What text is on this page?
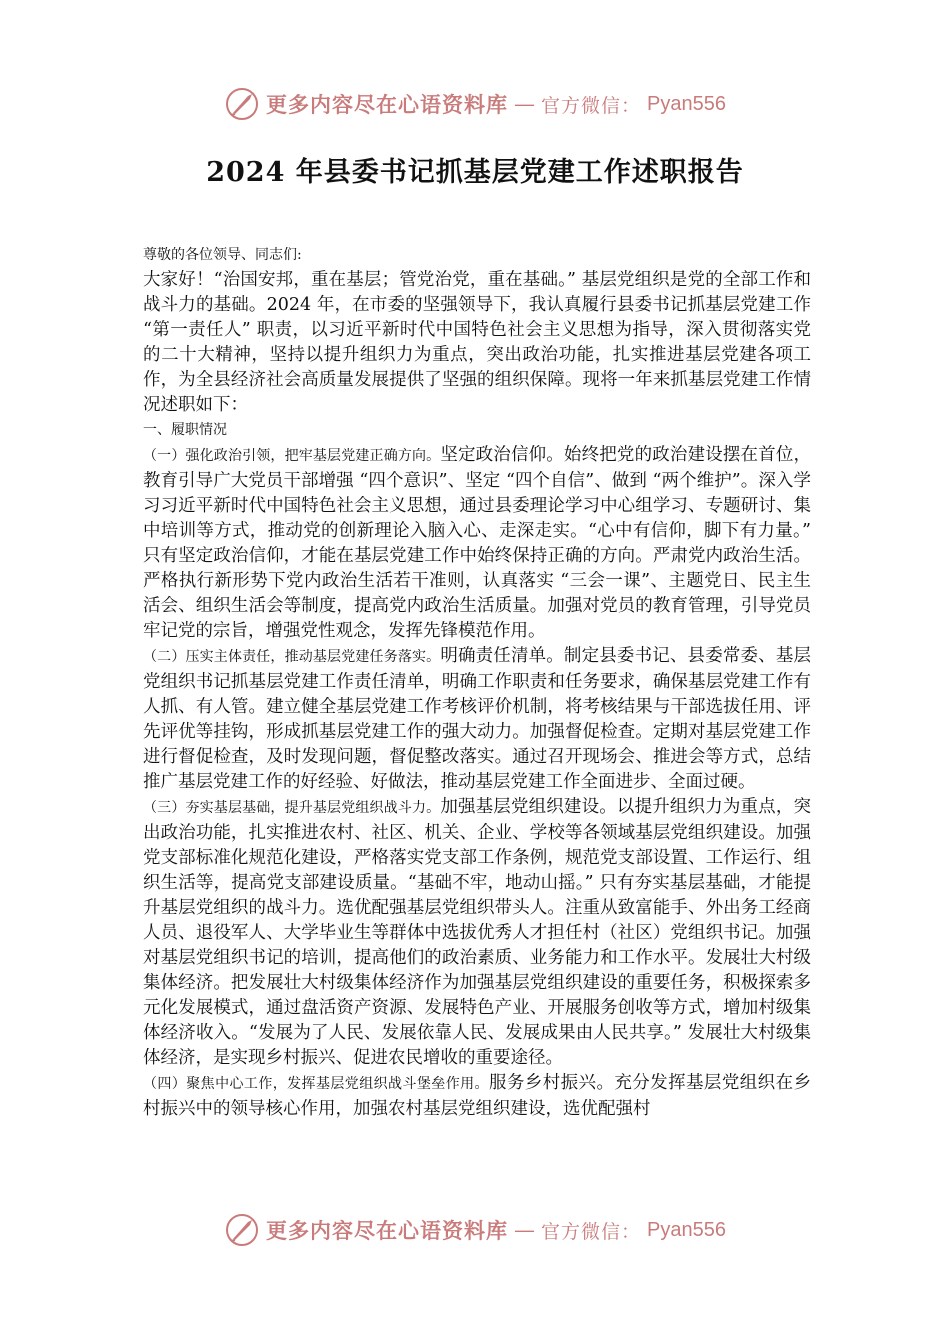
更多内容尽在心语资料库 — 官方微信： Pyan556
2024 年县委书记抓基层党建工作述职报告

尊敬的各位领导、同志们:

大家好！“治国安邦，重在基层；管党治党，重在基础。” 基层党组织是党的全部工作和战斗力的基础。2024 年，在市委的坚强领导下，我认真履行县委书记抓基层党建工作 “第一责任人” 职责，以习近平新时代中国特色社会主义思想为指导，深入贯彻落实党的二十大精神，坚持以提升组织力为重点，突出政治功能，扎实推进基层党建各项工作，为全县经济社会高质量发展提供了坚强的组织保障。现将一年来抓基层党建工作情况述职如下：

一、履职情况

（一）强化政治引领，把牢基层党建正确方向。坚定政治信仰。始终把党的政治建设摆在首位，教育引导广大党员干部增强 “四个意识”、坚定 “四个自信”、做到 “两个维护”。深入学习习近平新时代中国特色社会主义思想，通过县委理论学习中心组学习、专题研讨、集中培训等方式，推动党的创新理论入脑入心、走深走实。“心中有信仰，脚下有力量。” 只有坚定政治信仰，才能在基层党建工作中始终保持正确的方向。严肃党内政治生活。严格执行新形势下党内政治生活若干准则，认真落实 “三会一课”、主题党日、民主生活会、组织生活会等制度，提高党内政治生活质量。加强对党员的教育管理，引导党员牢记党的宗旨，增强党性观念，发挥先锋模范作用。

（二）压实主体责任，推动基层党建任务落实。明确责任清单。制定县委书记、县委常委、基层党组织书记抓基层党建工作责任清单，明确工作职责和任务要求，确保基层党建工作有人抓、有人管。建立健全基层党建工作考核评价机制，将考核结果与干部选拔任用、评先评优等挂钩，形成抓基层党建工作的强大动力。加强督促检查。定期对基层党建工作进行督促检查，及时发现问题，督促整改落实。通过召开现场会、推进会等方式，总结推广基层党建工作的好经验、好做法，推动基层党建工作全面进步、全面过硬。

（三）夯实基层基础，提升基层党组织战斗力。加强基层党组织建设。以提升组织力为重点，突出政治功能，扎实推进农村、社区、机关、企业、学校等各领域基层党组织建设。加强党支部标准化规范化建设，严格落实党支部工作条例，规范党支部设置、工作运行、组织生活等，提高党支部建设质量。“基础不牢，地动山摇。” 只有夯实基层基础，才能提升基层党组织的战斗力。选优配强基层党组织带头人。注重从致富能手、外出务工经商人员、退役军人、大学毕业生等群体中选拔优秀人才担任村（社区）党组织书记。加强对基层党组织书记的培训，提高他们的政治素质、业务能力和工作水平。发展壮大村级集体经济。把发展壮大村级集体经济作为加强基层党组织建设的重要任务，积极探索多元化发展模式，通过盘活资产资源、发展特色产业、开展服务创收等方式，增加村级集体经济收入。“发展为了人民、发展依靠人民、发展成果由人民共享。” 发展壮大村级集体经济，是实现乡村振兴、促进农民增收的重要途径。

（四）聚焦中心工作，发挥基层党组织战斗堡垒作用。服务乡村振兴。充分发挥基层党组织在乡村振兴中的领导核心作用，加强农村基层党组织建设，选优配强村

更多内容尽在心语资料库 — 官方微信： Pyan556
